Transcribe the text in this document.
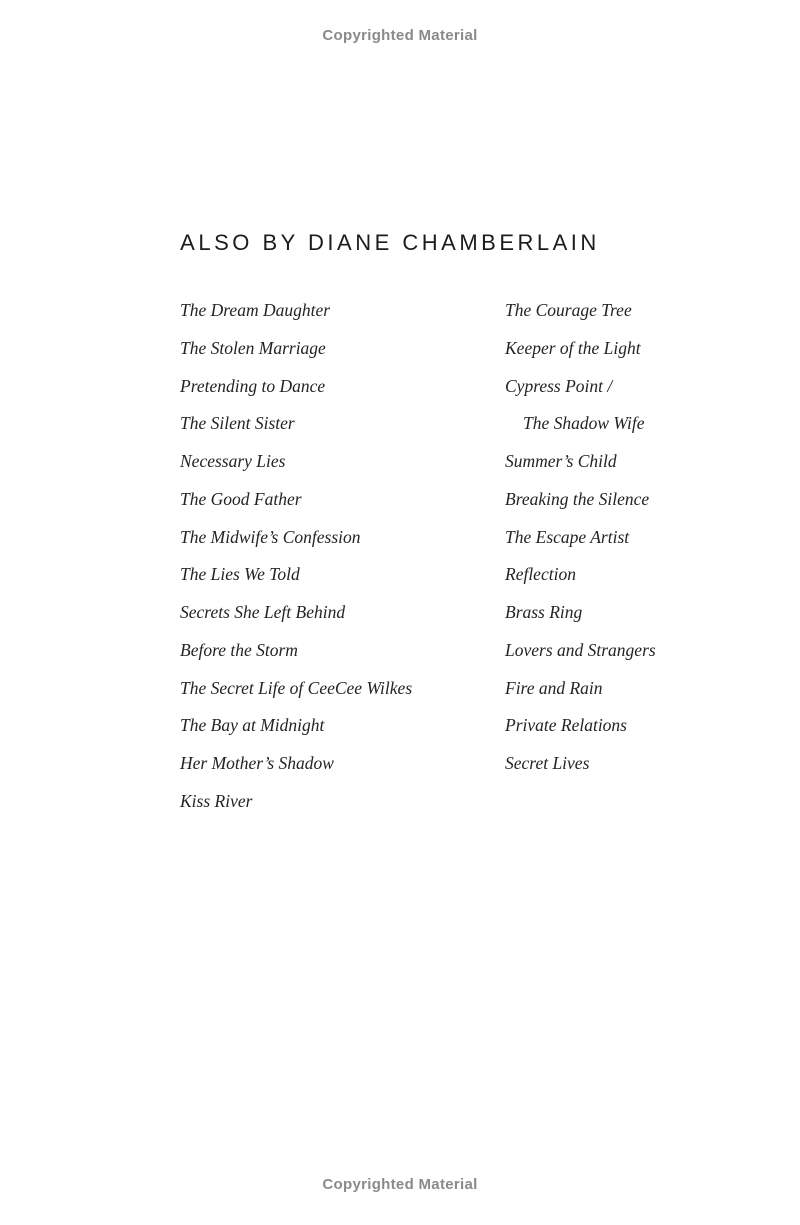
Copyrighted Material
ALSO BY DIANE CHAMBERLAIN
The Dream Daughter
The Stolen Marriage
Pretending to Dance
The Silent Sister
Necessary Lies
The Good Father
The Midwife’s Confession
The Lies We Told
Secrets She Left Behind
Before the Storm
The Secret Life of CeeCee Wilkes
The Bay at Midnight
Her Mother’s Shadow
Kiss River
The Courage Tree
Keeper of the Light
Cypress Point /
The Shadow Wife
Summer’s Child
Breaking the Silence
The Escape Artist
Reflection
Brass Ring
Lovers and Strangers
Fire and Rain
Private Relations
Secret Lives
Copyrighted Material
